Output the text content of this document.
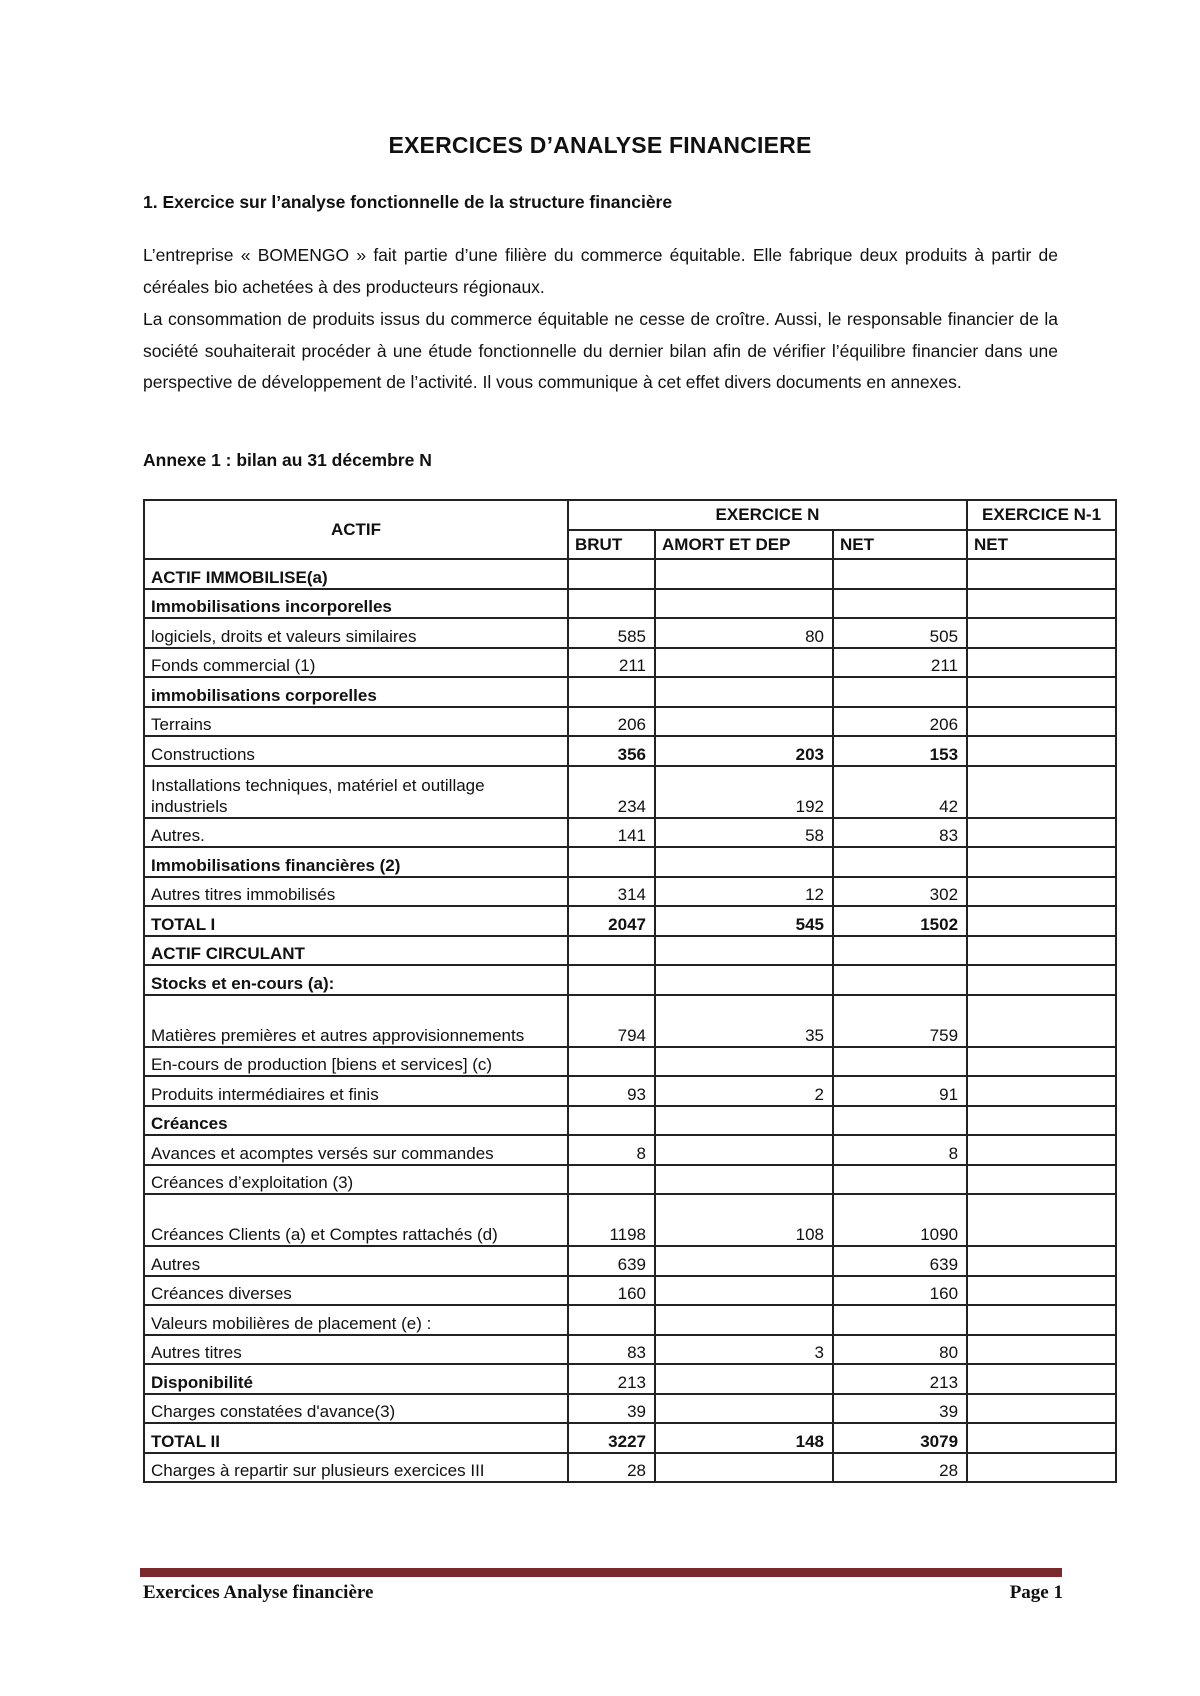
EXERCICES D’ANALYSE FINANCIERE
1. Exercice sur l’analyse fonctionnelle de la structure financière
L’entreprise « BOMENGO » fait partie d’une filière du commerce équitable. Elle fabrique deux produits à partir de céréales bio achetées à des producteurs régionaux.
La consommation de produits issus du commerce équitable ne cesse de croître. Aussi, le responsable financier de la société souhaiterait procéder à une étude fonctionnelle du dernier bilan afin de vérifier l’équilibre financier dans une perspective de développement de l’activité. Il vous communique à cet effet divers documents en annexes.
Annexe 1 : bilan au 31 décembre N
ACTIF	EXERCICE N			EXERCICE N-1
	BRUT	AMORT ET DEP	NET	NET
ACTIF IMMOBILISE(a)				
Immobilisations incorporelles				
logiciels, droits et valeurs similaires	585	80	505	
Fonds commercial (1)	211		211	
immobilisations corporelles				
Terrains	206		206	
Constructions	356	203	153	
Installations techniques, matériel et outillage industriels	234	192	42	
Autres.	141	58	83	
Immobilisations financières (2)				
Autres titres immobilisés	314	12	302	
TOTAL I	2047	545	1502	
ACTIF CIRCULANT				
Stocks et en-cours (a):				
Matières premières et autres approvisionnements	794	35	759	
En-cours de production [biens et services] (c)				
Produits intermédiaires et finis	93	2	91	
Créances				
Avances et acomptes versés sur commandes	8		8	
Créances d’exploitation (3)				
Créances Clients (a) et Comptes rattachés (d)	1198	108	1090	
Autres	639		639	
Créances diverses	160		160	
Valeurs mobilières de placement (e) :				
Autres titres	83	3	80	
Disponibilité	213		213	
Charges constatées d'avance(3)	39		39	
TOTAL II	3227	148	3079	
Charges à repartir sur plusieurs exercices III	28		28	
Exercices Analyse financière	Page 1
